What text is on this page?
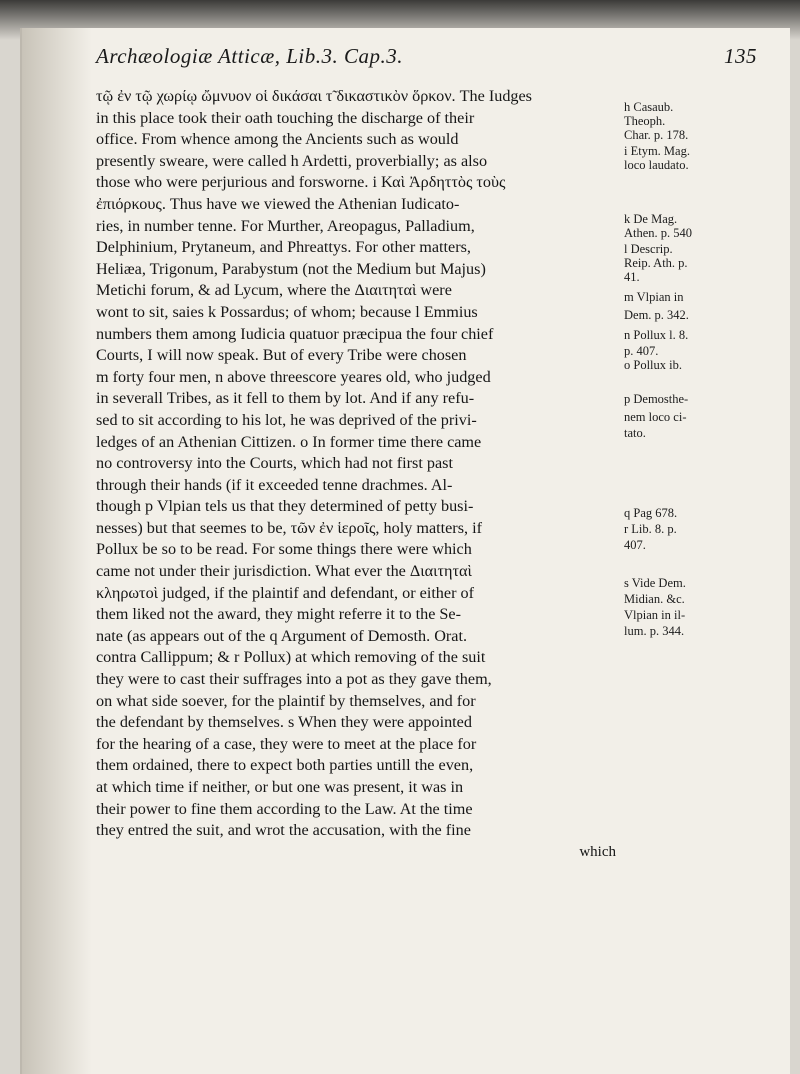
Archæologiæ Atticæ, Lib.3. Cap.3.	135
τῷ ἐν τῷ χωρίῳ ὤμνυον οἱ δικάσαι τ̃ δικαστικὸν ὅρκον. The Iudges
in this place took their oath touching the discharge of their
office. From whence among the Ancients such as would
presently sweare, were called h Ardetti, proverbially; as also
those who were perjurious and forsworne. i Καὶ Ἀρδηττὸς τοὺς
ἐπιόρκους. Thus have we viewed the Athenian Iudicato-
ries, in number tenne. For Murther, Areopagus, Palladium,
Delphinium, Prytaneum, and Phreattys. For other matters,
Heliæa, Trigonum, Parabystum (not the Medium but Majus)
Metichi forum, & ad Lycum, where the Διαιτηταὶ were
wont to sit, saies k Possardus; of whom; because l Emmius
numbers them among Iudicia quatuor præcipua the four chief
Courts, I will now speak. But of every Tribe were chosen
m forty four men, n above threescore yeares old, who judged
in severall Tribes, as it fell to them by lot. And if any refu-
sed to sit according to his lot, he was deprived of the privi-
ledges of an Athenian Cittizen. o In former time there came
no controversy into the Courts, which had not first past
through their hands (if it exceeded tenne drachmes. Al-
though p Vlpian tels us that they determined of petty busi-
nesses) but that seemes to be, τῶν ἐν ἱεροῖς, holy matters, if
Pollux be so to be read. For some things there were which
came not under their jurisdiction. What ever the Διαιτηταὶ
κληρωτοὶ judged, if the plaintif and defendant, or either of
them liked not the award, they might referre it to the Se-
nate (as appears out of the q Argument of Demosth. Orat.
contra Callippum; & r Pollux) at which removing of the suit
they were to cast their suffrages into a pot as they gave them,
on what side soever, for the plaintif by themselves, and for
the defendant by themselves. s When they were appointed
for the hearing of a case, they were to meet at the place for
them ordained, there to expect both parties untill the even,
at which time if neither, or but one was present, it was in
their power to fine them according to the Law. At the time
they entred the suit, and wrot the accusation, with the fine
which
h Casaub.
Theoph.
Char. p. 178.
i Etym. Mag.
loco laudato.
k De Mag.
Athen. p. 540
l Descrip.
Reip. Ath. p.
41.
m Vlpian in
Dem. p. 342.
n Pollux l. 8.
p. 407.
o Pollux ib.
p Demosthe-
nem loco ci-
tato.
q Pag 678.
r Lib. 8. p.
407.
s Vide Dem.
Midian. &c.
Vlpian in il-
lum. p. 344.
